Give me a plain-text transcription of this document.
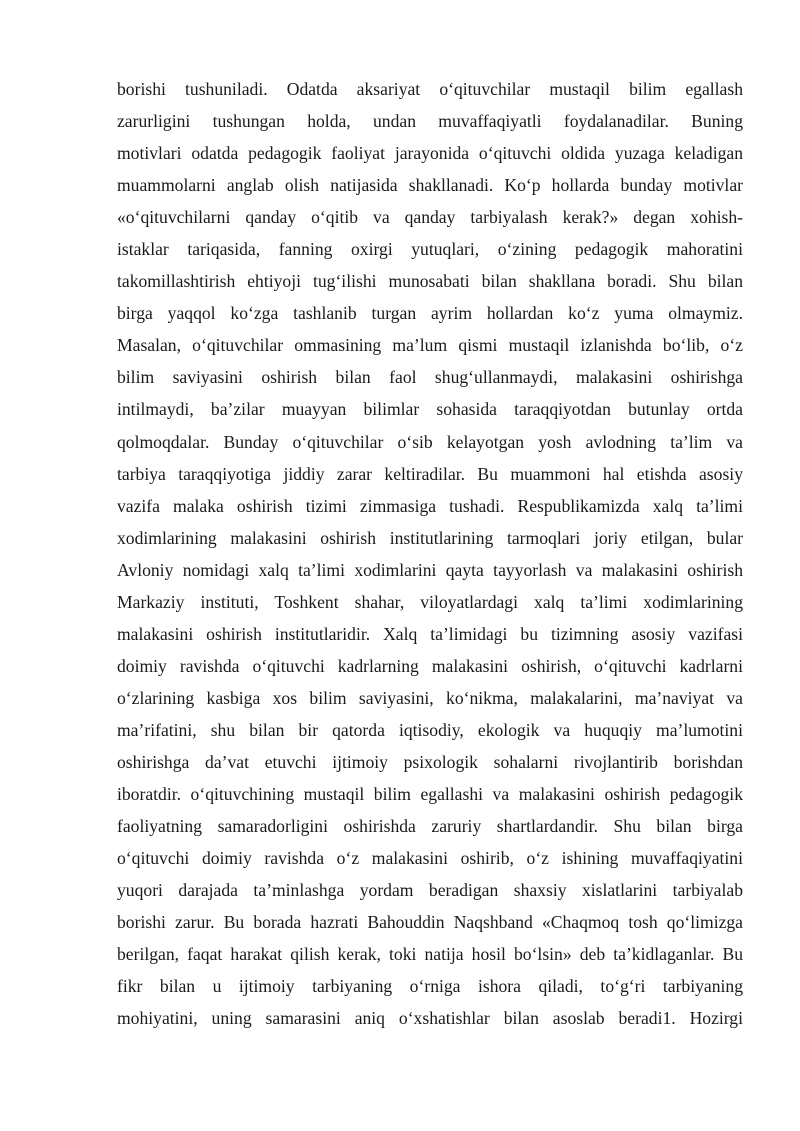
borishi tushuniladi. Odatda aksariyat o‘qituvchilar mustaqil bilim egallash
zarurligini tushungan holda, undan muvaffaqiyatli foydalanadilar. Buning
motivlari odatda pedagogik faoliyat jarayonida o‘qituvchi oldida yuzaga keladigan
muammolarni anglab olish natijasida shakllanadi. Ko‘p hollarda bunday motivlar
«o‘qituvchilarni qanday o‘qitib va qanday tarbiyalash kerak?» degan xohish-
istaklar tariqasida, fanning oxirgi yutuqlari, o‘zining pedagogik mahoratini
takomillashtirish ehtiyoji tug‘ilishi munosabati bilan shakllana boradi. Shu bilan
birga yaqqol ko‘zga tashlanib turgan ayrim hollardan ko‘z yuma olmaymiz.
Masalan, o‘qituvchilar ommasining ma’lum qismi mustaqil izlanishda bo‘lib, o‘z
bilim saviyasini oshirish bilan faol shug‘ullanmaydi, malakasini oshirishga
intilmaydi, ba’zilar muayyan bilimlar sohasida taraqqiyotdan butunlay ortda
qolmoqdalar. Bunday o‘qituvchilar o‘sib kelayotgan yosh avlodning ta’lim va
tarbiya taraqqiyotiga jiddiy zarar keltiradilar. Bu muammoni hal etishda asosiy
vazifa malaka oshirish tizimi zimmasiga tushadi. Respublikamizda xalq ta’limi
xodimlarining malakasini oshirish institutlarining tarmoqlari joriy etilgan, bular
Avloniy nomidagi xalq ta’limi xodimlarini qayta tayyorlash va malakasini oshirish
Markaziy instituti, Toshkent shahar, viloyatlardagi xalq ta’limi xodimlarining
malakasini oshirish institutlaridir. Xalq ta’limidagi bu tizimning asosiy vazifasi
doimiy ravishda o‘qituvchi kadrlarning malakasini oshirish, o‘qituvchi kadrlarni
o‘zlarining kasbiga xos bilim saviyasini, ko‘nikma, malakalarini, ma’naviyat va
ma’rifatini, shu bilan bir qatorda iqtisodiy, ekologik va huquqiy ma’lumotini
oshirishga da’vat etuvchi ijtimoiy psixologik sohalarni rivojlantirib borishdan
iboratdir. o‘qituvchining mustaqil bilim egallashi va malakasini oshirish pedagogik
faoliyatning samaradorligini oshirishda zaruriy shartlardandir. Shu bilan birga
o‘qituvchi doimiy ravishda o‘z malakasini oshirib, o‘z ishining muvaffaqiyatini
yuqori darajada ta’minlashga yordam beradigan shaxsiy xislatlarini tarbiyalab
borishi zarur. Bu borada hazrati Bahouddin Naqshband «Chaqmoq tosh qo‘limizga
berilgan, faqat harakat qilish kerak, toki natija hosil bo‘lsin» deb ta’kidlaganlar. Bu
fikr bilan u ijtimoiy tarbiyaning o‘rniga ishora qiladi, to‘g‘ri tarbiyaning
mohiyatini, uning samarasini aniq o‘xshatishlar bilan asoslab beradi1. Hozirgi
